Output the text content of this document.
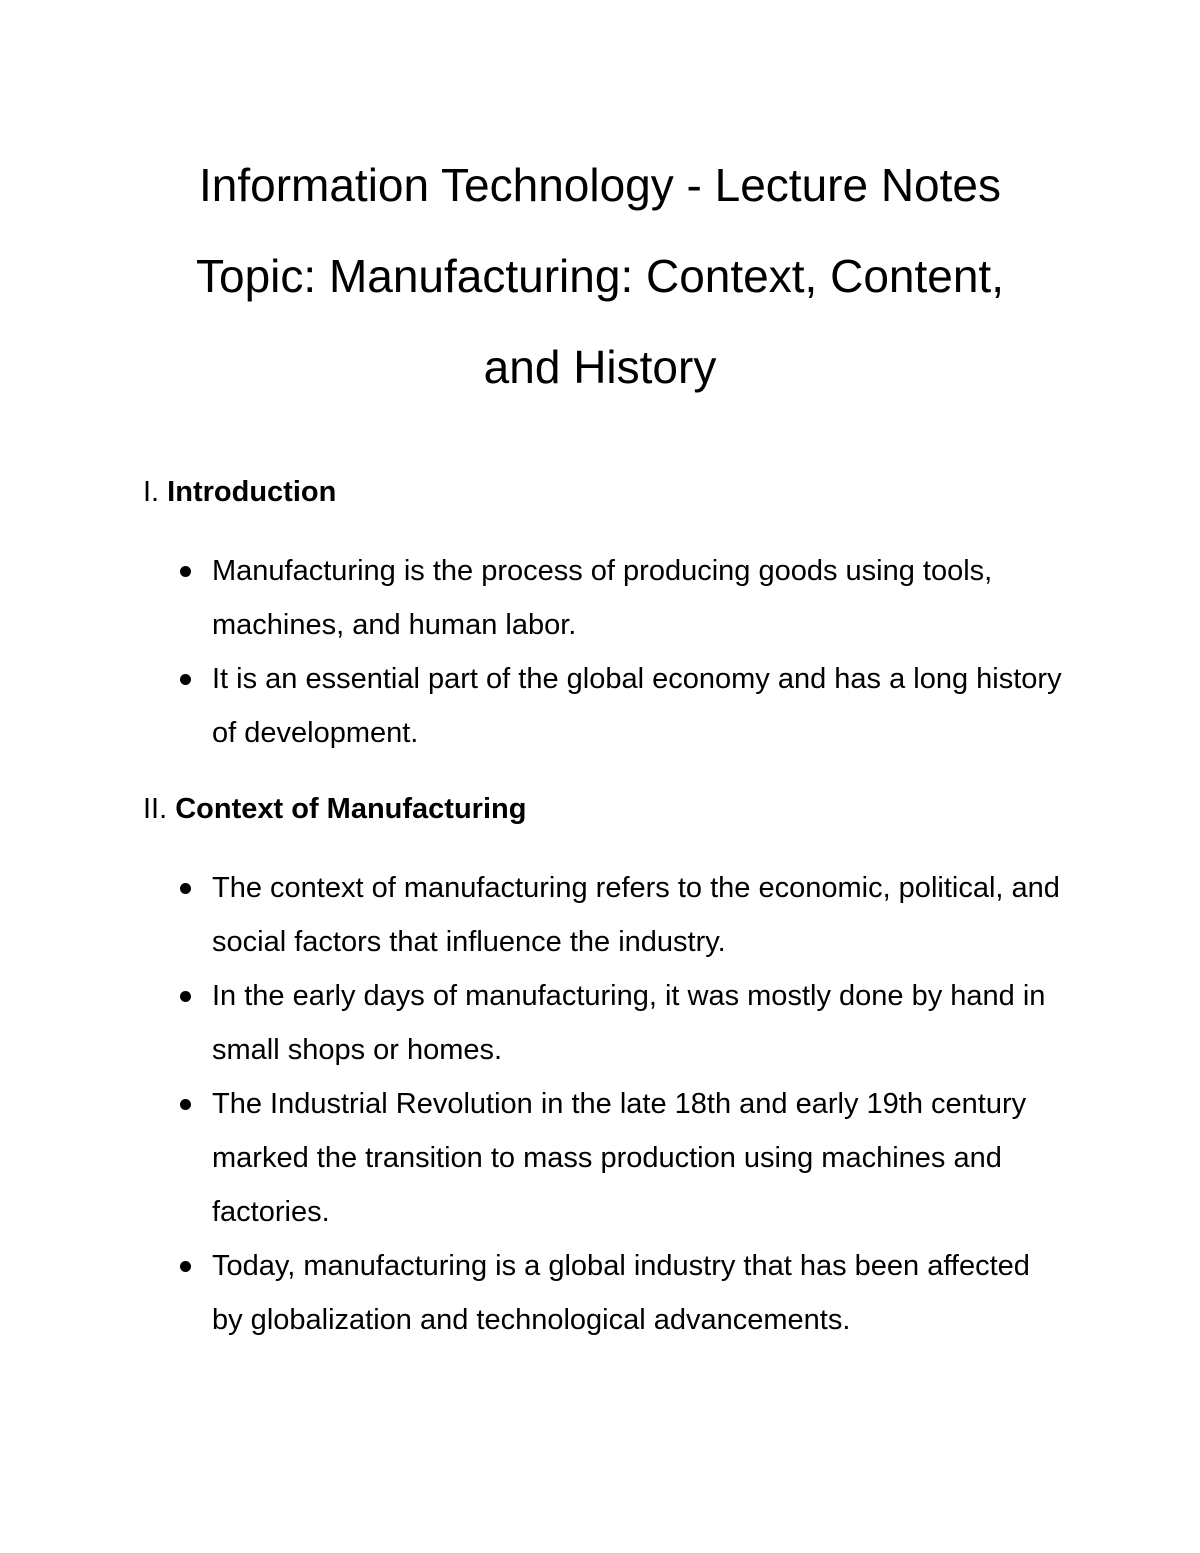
Information Technology - Lecture Notes
Topic: Manufacturing: Context, Content,
and History
I. Introduction
Manufacturing is the process of producing goods using tools, machines, and human labor.
It is an essential part of the global economy and has a long history of development.
II. Context of Manufacturing
The context of manufacturing refers to the economic, political, and social factors that influence the industry.
In the early days of manufacturing, it was mostly done by hand in small shops or homes.
The Industrial Revolution in the late 18th and early 19th century marked the transition to mass production using machines and factories.
Today, manufacturing is a global industry that has been affected by globalization and technological advancements.
